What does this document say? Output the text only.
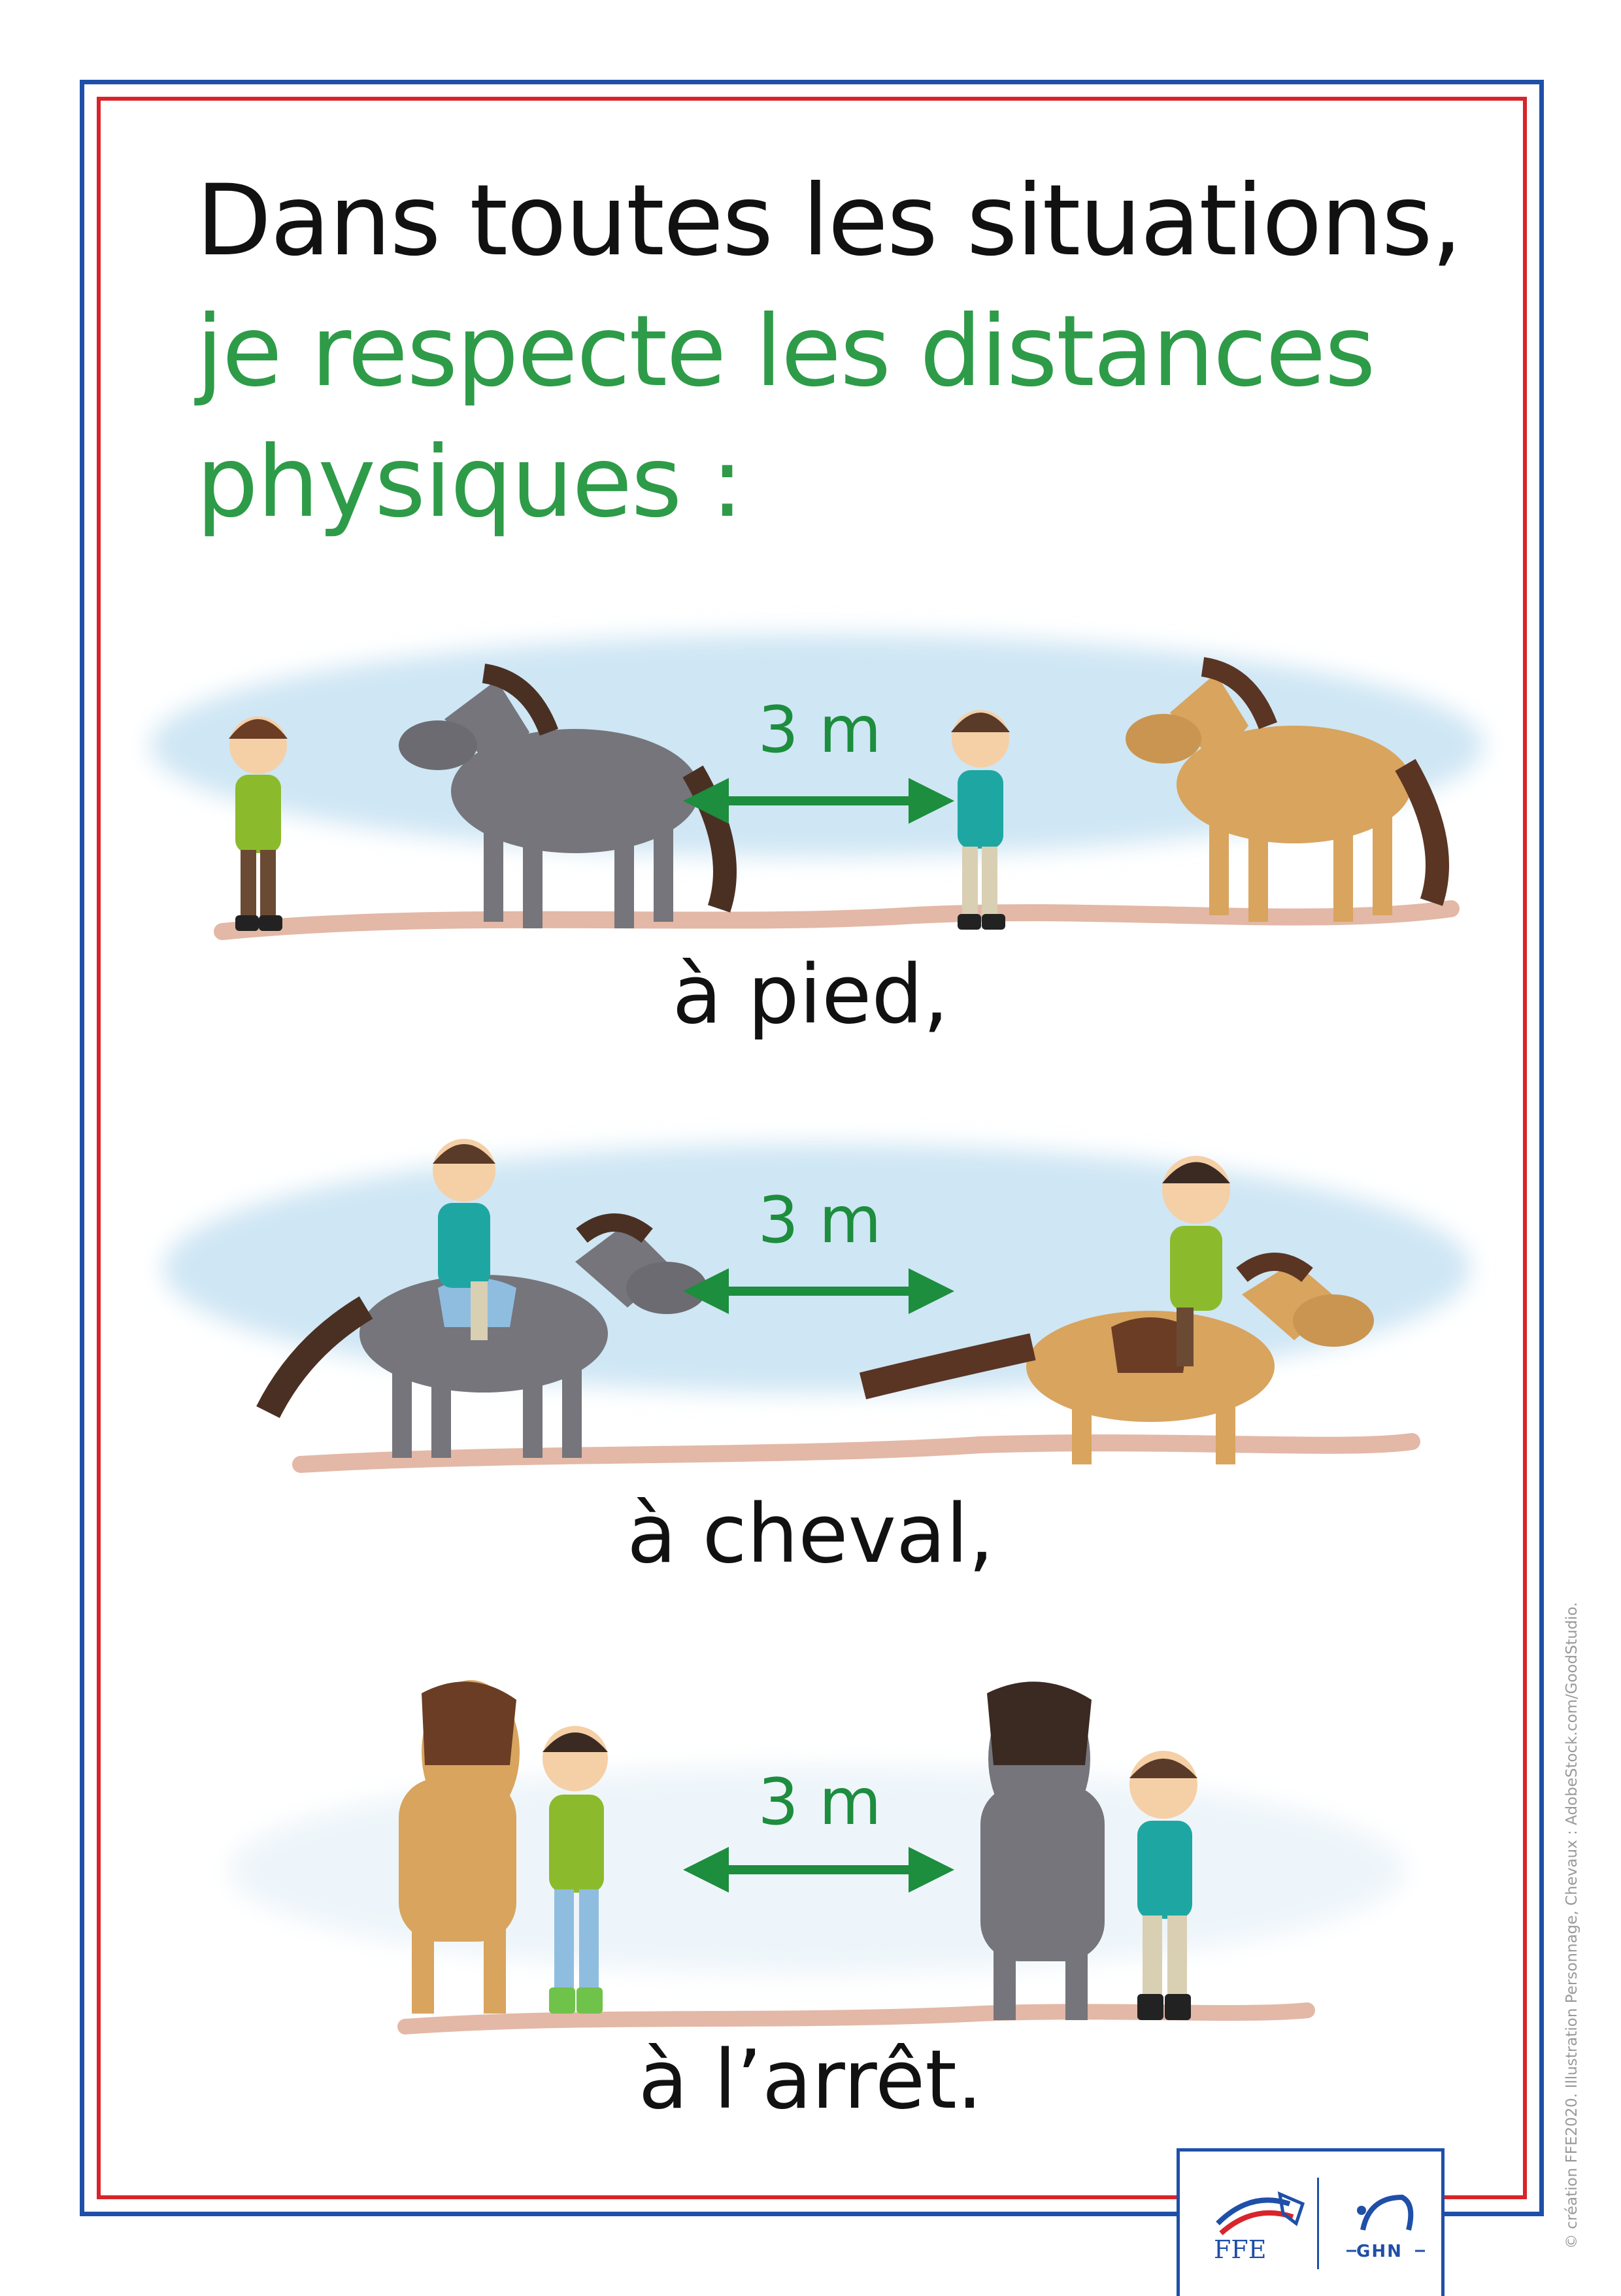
Dans toutes les situations,
je respecte les distances
physiques :
3 m
à pied,
3 m
à cheval,
3 m
à l’arrêt.	© création FFE2020. Illustration Personnage, Chevaux : AdobeStock.com/GoodStudio.
FFE	GHN
